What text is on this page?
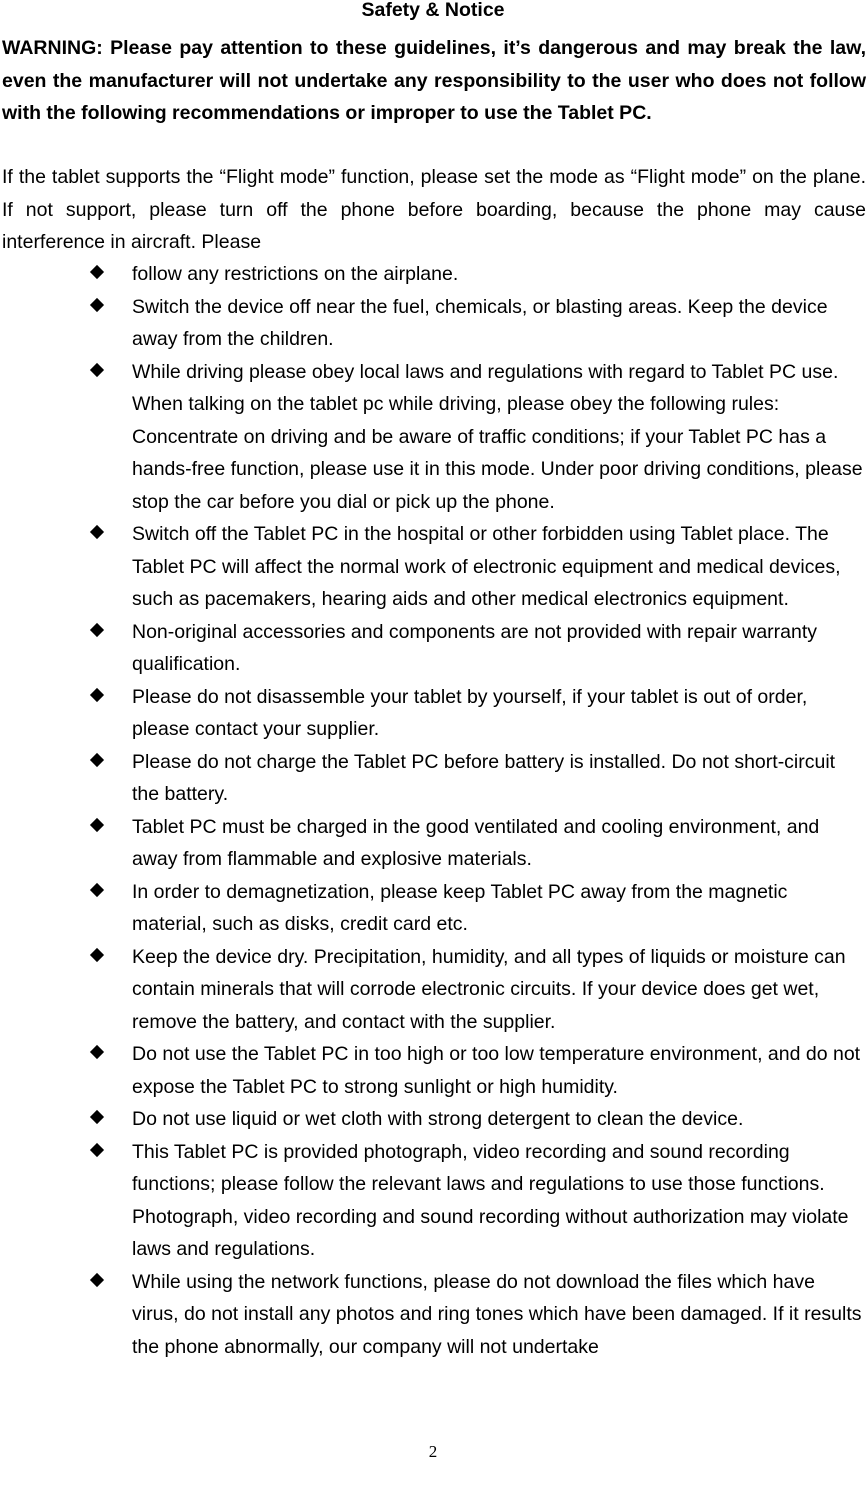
Safety & Notice

WARNING: Please pay attention to these guidelines, it’s dangerous and may break the law, even the manufacturer will not undertake any responsibility to the user who does not follow with the following recommendations or improper to use the Tablet PC.

If the tablet supports the “Flight mode” function, please set the mode as “Flight mode” on the plane. If not support, please turn off the phone before boarding, because the phone may cause interference in aircraft. Please

follow any restrictions on the airplane.
Switch the device off near the fuel, chemicals, or blasting areas. Keep the device away from the children.
While driving please obey local laws and regulations with regard to Tablet PC use. When talking on the tablet pc while driving, please obey the following rules: Concentrate on driving and be aware of traffic conditions; if your Tablet PC has a hands-free function, please use it in this mode. Under poor driving conditions, please stop the car before you dial or pick up the phone.
Switch off the Tablet PC in the hospital or other forbidden using Tablet place. The Tablet PC will affect the normal work of electronic equipment and medical devices, such as pacemakers, hearing aids and other medical electronics equipment.
Non-original accessories and components are not provided with repair warranty qualification.
Please do not disassemble your tablet by yourself, if your tablet is out of order, please contact your supplier.
Please do not charge the Tablet PC before battery is installed. Do not short-circuit the battery.
Tablet PC must be charged in the good ventilated and cooling environment, and away from flammable and explosive materials.
In order to demagnetization, please keep Tablet PC away from the magnetic material, such as disks, credit card etc.
Keep the device dry. Precipitation, humidity, and all types of liquids or moisture can contain minerals that will corrode electronic circuits. If your device does get wet, remove the battery, and contact with the supplier.
Do not use the Tablet PC in too high or too low temperature environment, and do not expose the Tablet PC to strong sunlight or high humidity.
Do not use liquid or wet cloth with strong detergent to clean the device.
This Tablet PC is provided photograph, video recording and sound recording functions; please follow the relevant laws and regulations to use those functions. Photograph, video recording and sound recording without authorization may violate laws and regulations.
While using the network functions, please do not download the files which have virus, do not install any photos and ring tones which have been damaged. If it results the phone abnormally, our company will not undertake
2
